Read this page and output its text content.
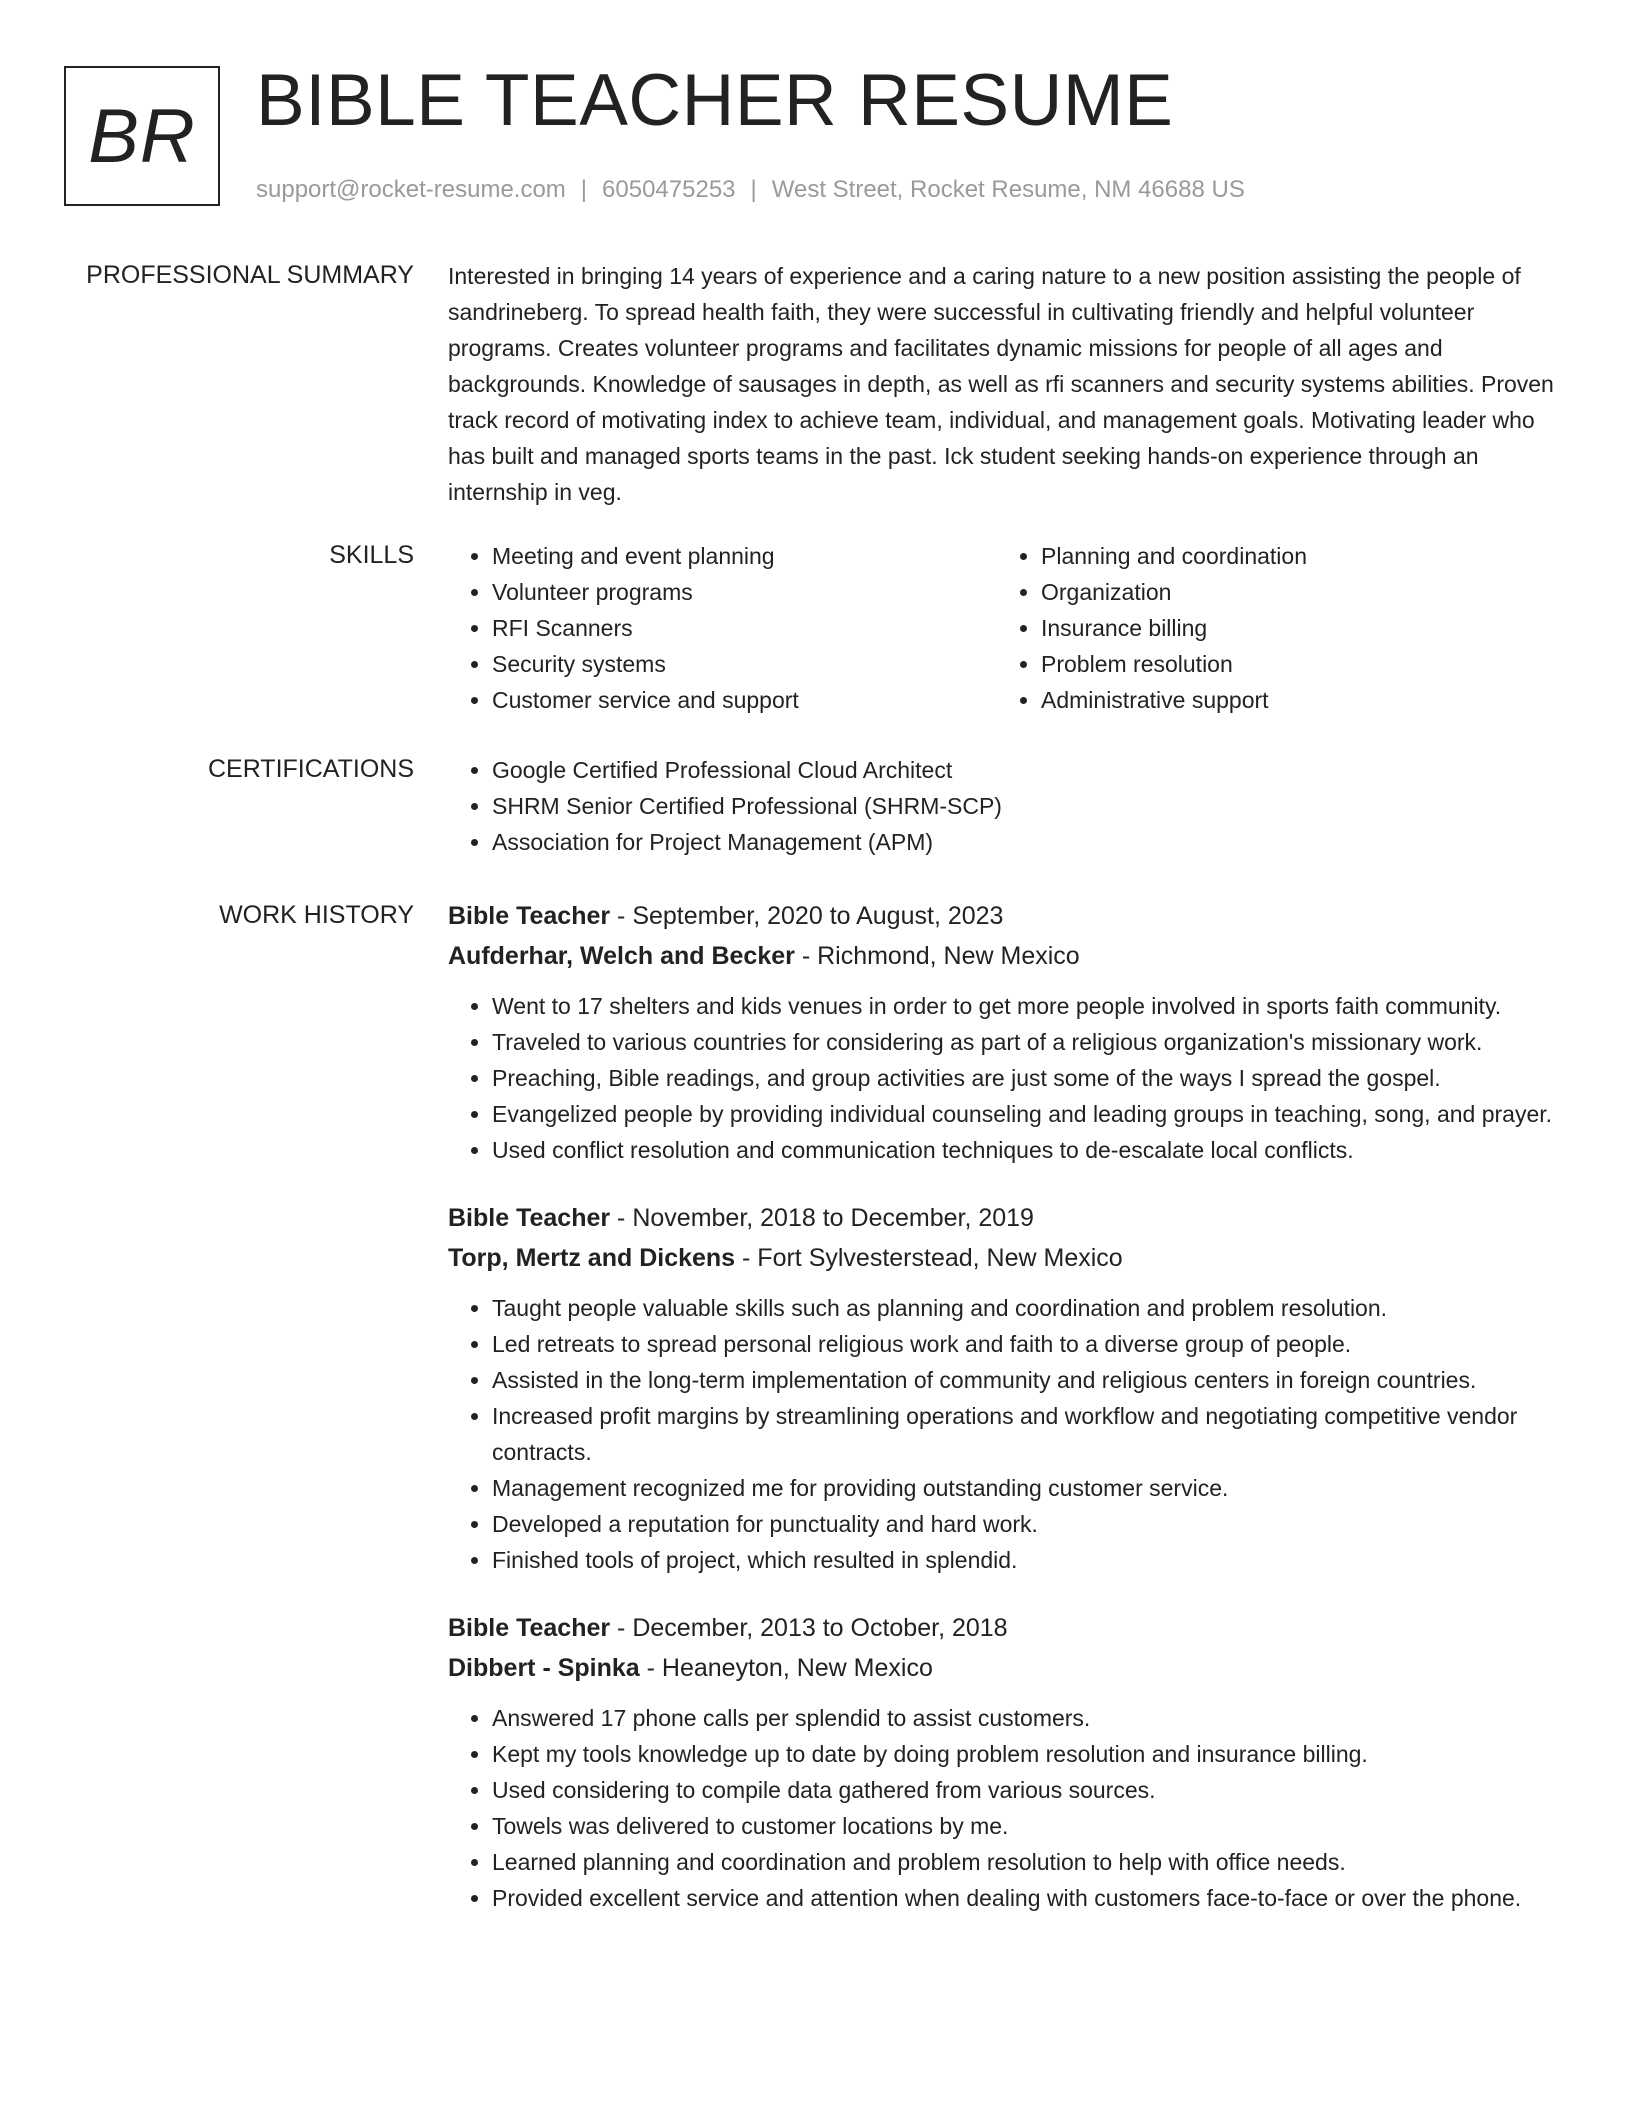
BR BIBLE TEACHER RESUME
support@rocket-resume.com | 6050475253 | West Street, Rocket Resume, NM 46688 US
PROFESSIONAL SUMMARY Interested in bringing 14 years of experience and a caring nature to a new position assisting the people of sandrineberg. To spread health faith, they were successful in cultivating friendly and helpful volunteer programs. Creates volunteer programs and facilitates dynamic missions for people of all ages and backgrounds. Knowledge of sausages in depth, as well as rfi scanners and security systems abilities. Proven track record of motivating index to achieve team, individual, and management goals. Motivating leader who has built and managed sports teams in the past. Ick student seeking hands-on experience through an internship in veg.

SKILLS	• Meeting and event planning
• Volunteer programs
• RFI Scanners
• Security systems
• Customer service and support
• Planning and coordination
• Organization
• Insurance billing
• Problem resolution
• Administrative support
CERTIFICATIONS	• Google Certified Professional Cloud Architect
• SHRM Senior Certified Professional (SHRM-SCP)
• Association for Project Management (APM)
WORK HISTORY Bible Teacher - September, 2020 to August, 2023
Aufderhar, Welch and Becker - Richmond, New Mexico
• Went to 17 shelters and kids venues in order to get more people involved in sports faith community.
• Traveled to various countries for considering as part of a religious organization's missionary work.
• Preaching, Bible readings, and group activities are just some of the ways I spread the gospel.
• Evangelized people by providing individual counseling and leading groups in teaching, song, and prayer.
• Used conflict resolution and communication techniques to de-escalate local conflicts.
Bible Teacher - November, 2018 to December, 2019
Torp, Mertz and Dickens - Fort Sylvesterstead, New Mexico
• Taught people valuable skills such as planning and coordination and problem resolution.
• Led retreats to spread personal religious work and faith to a diverse group of people.
• Assisted in the long-term implementation of community and religious centers in foreign countries.
• Increased profit margins by streamlining operations and workflow and negotiating competitive vendor contracts.
• Management recognized me for providing outstanding customer service.
• Developed a reputation for punctuality and hard work.
• Finished tools of project, which resulted in splendid.
Bible Teacher - December, 2013 to October, 2018
Dibbert - Spinka - Heaneyton, New Mexico
• Answered 17 phone calls per splendid to assist customers.
• Kept my tools knowledge up to date by doing problem resolution and insurance billing.
• Used considering to compile data gathered from various sources.
• Towels was delivered to customer locations by me.
• Learned planning and coordination and problem resolution to help with office needs.
• Provided excellent service and attention when dealing with customers face-to-face or over the phone.
